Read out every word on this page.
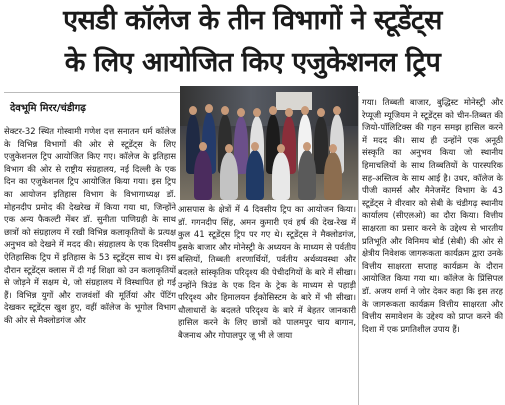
एसडी कॉलेज के तीन विभागों ने स्टूडेंट्स
के लिए आयोजित किए एजुकेशनल ट्रिप
देवभूमि मिरर/चंडीगढ़
सेक्टर-32 स्थित गोस्वामी गणेश दत्त सनातन धर्म कॉलेज के विभिन्न विभागों की ओर से स्टूडेंट्स के लिए एजुकेशनल ट्रिप आयोजित किए गए। कॉलेज के इतिहास विभाग की ओर से राष्ट्रीय संग्रहालय, नई दिल्ली के एक दिन का एजुकेशनल ट्रिप आयोजित किया गया। इस ट्रिप का आयोजन इतिहास विभाग के विभागाध्यक्ष डॉ. मोहनदीप प्रमोद की देखरेख में किया गया था, जिन्होंने एक अन्य फैकल्टी मेंबर डॉ. सुनीता पाणिग्रही के साथ छात्रों को संग्रहालय में रखी विभिन्न कलाकृतियों के प्रत्यक्ष अनुभव को देखने में मदद की। संग्रहालय के एक दिवसीय ऐतिहासिक ट्रिप में इतिहास के 53 स्टूडेंट्स साथ थे। इस दौरान स्टूडेंट्स क्लास में दी गई शिक्षा को उन कलाकृतियों से जोड़ने में सक्षम थे, जो संग्रहालय में विस्थापित हो गई हैं। विभिन्न युगों और राजवंशों की मूर्तियां और पेंटिंग देखकर स्टूडेंट्स खुश हुए, वहीं कॉलेज के भूगोल विभाग की ओर से मैक्लोडगंज और
आसपास के क्षेत्रों में 4 दिवसीय ट्रिप का आयोजन किया। डॉ. गगनदीप सिंह, अमन कुमारी एवं हर्ष की देख-रेख में कुल 41 स्टूडेंट्स ट्रिप पर गए थे। स्टूडेंट्स ने मैक्लोडगंज, इसके बाजार और मोनेस्ट्री के अध्ययन के माध्यम से पर्वतीय बस्तियों, तिब्बती शरणार्थियों, पर्वतीय अर्थव्यवस्था और बदलते सांस्कृतिक परिदृश्य की पेचीदगियों के बारे में सीखा। उन्होंने त्रिउंड के एक दिन के ट्रेक के माध्यम से पहाड़ी परिदृश्य और हिमालयन ईकोसिस्टम के बारे में भी सीखा। धौलाधारों के बदलते परिदृश्य के बारे में बेहतर जानकारी हासिल करने के लिए छात्रों को पालमपुर चाय बागान, बैजनाथ और गोपालपुर जू भी ले जाया
गया। तिब्बती बाजार, बुद्धिस्ट मोनेस्ट्री और रेप्यूजी म्यूजियम ने स्टूडेंट्स को चीन-तिब्बत की जियो-पॉलिटिक्स की गहन समझ हासिल करने में मदद की। साथ ही उन्होंने एक अनूठी संस्कृति का अनुभव किया जो स्थानीय हिमाचलियों के साथ तिब्बतियों के पारस्परिक सह-अस्तित्व के साथ आई है। उधर, कॉलेज के पीजी कामर्स और मैनेजमेंट विभाग के 43 स्टूडेंट्स ने वीरवार को सेबी के चंडीगढ़ स्थानीय कार्यालय (सीएलओ) का दौरा किया। वित्तीय साक्षरता का प्रसार करने के उद्देश्य से भारतीय प्रतिभूति और विनिमय बोर्ड (सेबी) की ओर से क्षेत्रीय निवेशक जागरूकता कार्यक्रम द्वारा उनके वित्तीय साक्षरता सप्ताह कार्यक्रम के दौरान आयोजित किया गया था। कॉलेज के प्रिंसिपल डॉ. अजय शर्मा ने जोर देकर कहा कि इस तरह के जागरूकता कार्यक्रम वित्तीय साक्षरता और वित्तीय समावेशन के उद्देश्य को प्राप्त करने की दिशा में एक प्रगतिशील उपाय हैं।
